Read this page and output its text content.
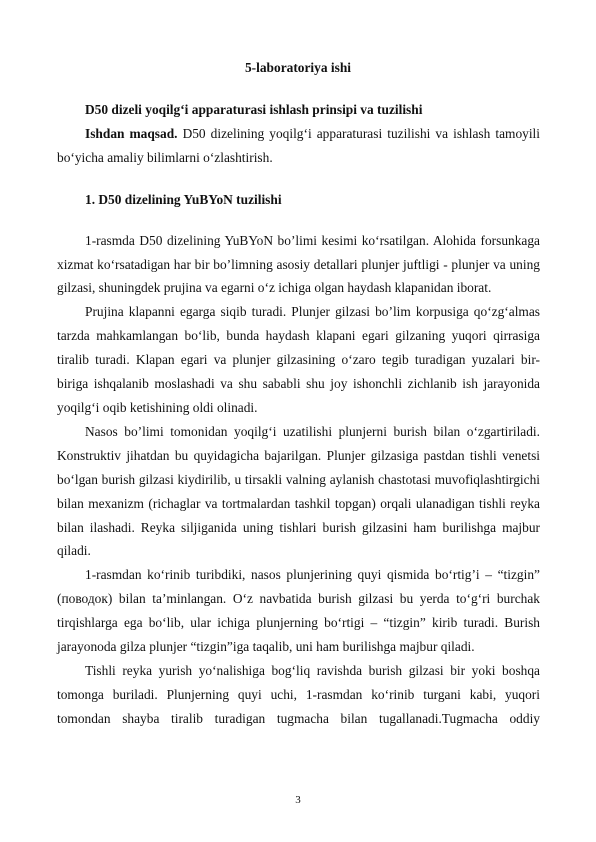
5-laboratoriya ishi

D50 dizeli yoqilg‘i apparaturasi ishlash prinsipi va tuzilishi

Ishdan maqsad. D50 dizelining yoqilg‘i apparaturasi tuzilishi va ishlash tamoyili bo‘yicha amaliy bilimlarni o‘zlashtirish.

1. D50 dizelining YuBYoN tuzilishi

1-rasmda D50 dizelining YuBYoN bo’limi kesimi ko‘rsatilgan. Alohida forsunkaga xizmat ko‘rsatadigan har bir bo’limning asosiy detallari plunjer juftligi - plunjer va uning gilzasi, shuningdek prujina va egarni o‘z ichiga olgan haydash klapanidan iborat.

Prujina klapanni egarga siqib turadi. Plunjer gilzasi bo’lim korpusiga qo‘zg‘almas tarzda mahkamlangan bo‘lib, bunda haydash klapani egari gilzaning yuqori qirrasiga tiralib turadi. Klapan egari va plunjer gilzasining o‘zaro tegib turadigan yuzalari bir-biriga ishqalanib moslashadi va shu sababli shu joy ishonchli zichlanib ish jarayonida yoqilg‘i oqib ketishining oldi olinadi.

Nasos bo’limi tomonidan yoqilg‘i uzatilishi plunjerni burish bilan o‘zgartiriladi. Konstruktiv jihatdan bu quyidagicha bajarilgan. Plunjer gilzasiga pastdan tishli venetsi bo‘lgan burish gilzasi kiydirilib, u tirsakli valning aylanish chastotasi muvofiqlashtirgichi bilan mexanizm (richaglar va tortmalardan tashkil topgan) orqali ulanadigan tishli reyka bilan ilashadi. Reyka siljiganida uning tishlari burish gilzasini ham burilishga majbur qiladi.

1-rasmdan ko‘rinib turibdiki, nasos plunjerining quyi qismida bo‘rtig’i – “tizgin” (поводок) bilan ta’minlangan. O‘z navbatida burish gilzasi bu yerda to‘g‘ri burchak tirqishlarga ega bo‘lib, ular ichiga plunjerning bo‘rtigi – “tizgin” kirib turadi. Burish jarayonoda gilza plunjer “tizgin”iga taqalib, uni ham burilishga majbur qiladi.

Tishli reyka yurish yo‘nalishiga bog‘liq ravishda burish gilzasi bir yoki boshqa tomonga buriladi. Plunjerning quyi uchi, 1-rasmdan ko‘rinib turgani kabi, yuqori tomondan shayba tiralib turadigan tugmacha bilan tugallanadi.Tugmacha oddiy

3
